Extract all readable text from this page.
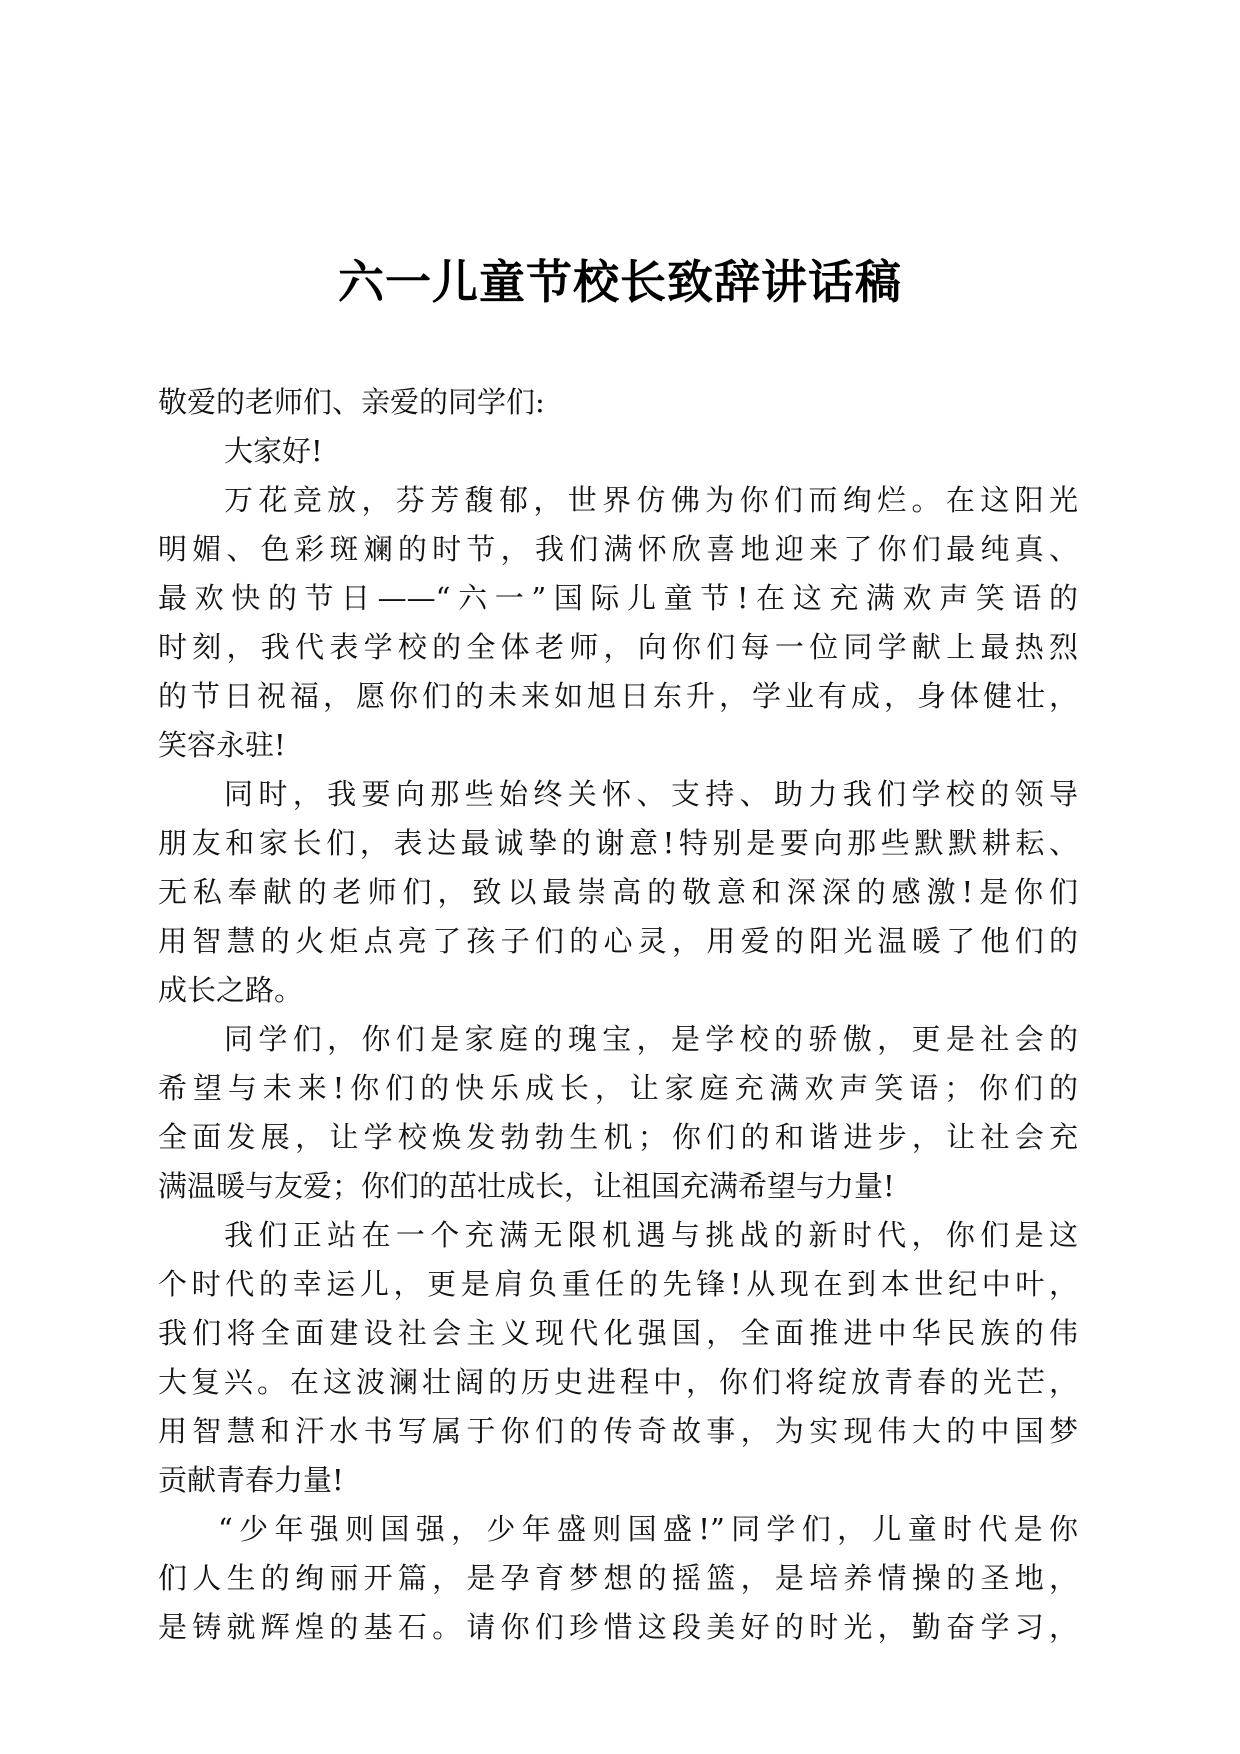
六一儿童节校长致辞讲话稿
敬爱的老师们、亲爱的同学们:
大家好!
万花竞放，芬芳馥郁，世界仿佛为你们而绚烂。在这阳光
明媚、色彩斑斓的时节，我们满怀欣喜地迎来了你们最纯真、
最欢快的节日——“六一”国际儿童节!在这充满欢声笑语的
时刻，我代表学校的全体老师，向你们每一位同学献上最热烈
的节日祝福，愿你们的未来如旭日东升，学业有成，身体健壮，
笑容永驻!
同时，我要向那些始终关怀、支持、助力我们学校的领导
朋友和家长们，表达最诚挚的谢意!特别是要向那些默默耕耘、
无私奉献的老师们，致以最崇高的敬意和深深的感激!是你们
用智慧的火炬点亮了孩子们的心灵，用爱的阳光温暖了他们的
成长之路。
同学们，你们是家庭的瑰宝，是学校的骄傲，更是社会的
希望与未来!你们的快乐成长，让家庭充满欢声笑语；你们的
全面发展，让学校焕发勃勃生机；你们的和谐进步，让社会充
满温暖与友爱；你们的茁壮成长，让祖国充满希望与力量!
我们正站在一个充满无限机遇与挑战的新时代，你们是这
个时代的幸运儿，更是肩负重任的先锋!从现在到本世纪中叶，
我们将全面建设社会主义现代化强国，全面推进中华民族的伟
大复兴。在这波澜壮阔的历史进程中，你们将绽放青春的光芒，
用智慧和汗水书写属于你们的传奇故事，为实现伟大的中国梦
贡献青春力量!
“少年强则国强，少年盛则国盛!”同学们，儿童时代是你
们人生的绚丽开篇，是孕育梦想的摇篮，是培养情操的圣地，
是铸就辉煌的基石。请你们珍惜这段美好的时光，勤奋学习，
